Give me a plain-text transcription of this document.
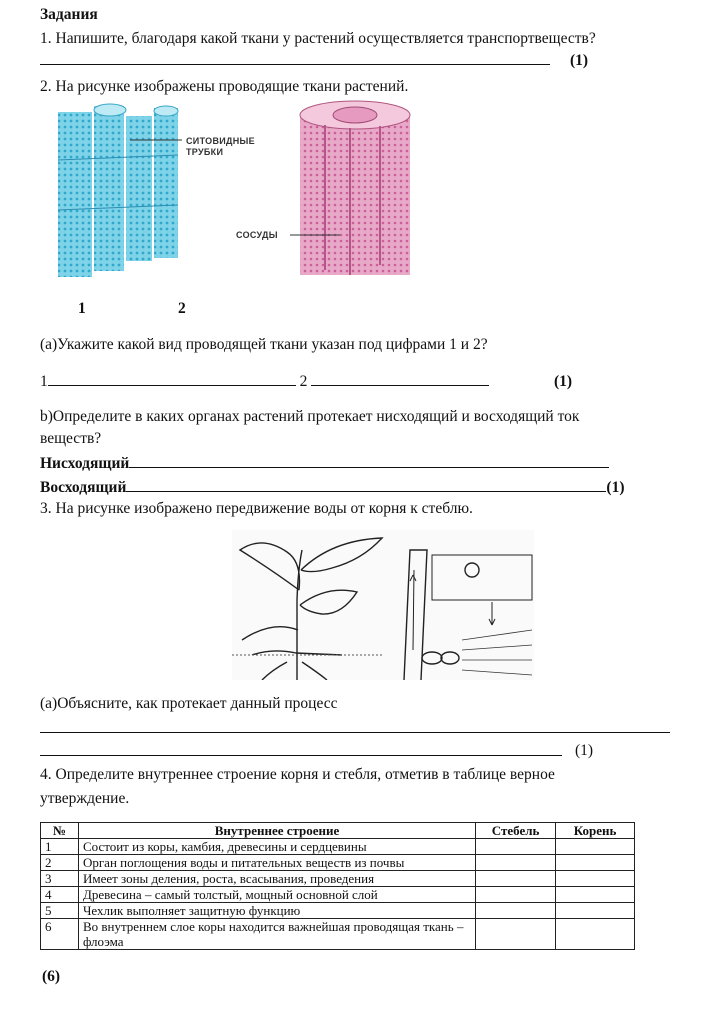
Задания
1. Напишите, благодаря какой ткани у растений осуществляется транспортвеществ?
(1)
2. На рисунке изображены проводящие ткани растений.
СИТОВИДНЫЕ ТРУБКИ
СОСУДЫ
1	2
(a)Укажите какой вид проводящей ткани указан под цифрами 1 и 2?
1	2	(1)
b)Определите в каких органах растений протекает нисходящий и восходящий ток
веществ?
Нисходящий
Восходящий	(1)
3. На рисунке изображено передвижение воды от корня к стеблю.
(a)Объясните, как протекает данный процесс
(1)
4. Определите внутреннее строение корня и стебля, отметив в таблице верное
утверждение.
№	Внутреннее строение	Стебель	Корень
1	Состоит из коры, камбия, древесины и сердцевины		
2	Орган поглощения воды и питательных веществ из почвы		
3	Имеет зоны деления, роста, всасывания, проведения		
4	Древесина – самый толстый, мощный основной слой		
5	Чехлик выполняет защитную функцию		
6	Во внутреннем слое коры находится важнейшая проводящая ткань – флоэма		
(6)
